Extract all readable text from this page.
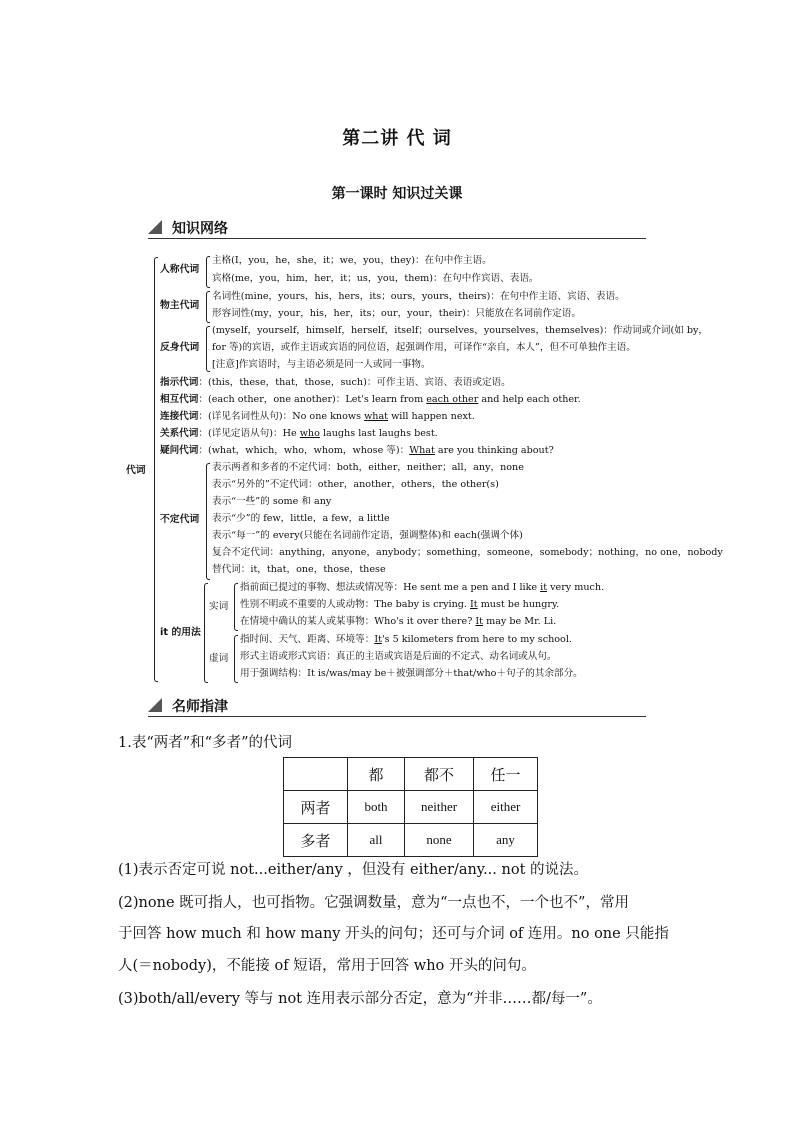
第二讲 代 词
第一课时 知识过关课
知识网络
代词
人称代词
主格(I，you，he，she，it；we，you，they)：在句中作主语。
宾格(me，you，him，her，it；us，you，them)：在句中作宾语、表语。
物主代词
名词性(mine，yours，his，hers，its；ours，yours，theirs)：在句中作主语、宾语、表语。
形容词性(my，your，his，her，its；our，your，their)：只能放在名词前作定语。
反身代词
(myself，yourself，himself，herself，itself；ourselves，yourselves，themselves)：作动词或介词(如 by，
for 等)的宾语，或作主语或宾语的同位语，起强调作用，可译作“亲自，本人”，但不可单独作主语。
[注意]作宾语时，与主语必须是同一人或同一事物。
指示代词：(this，these，that，those，such)：可作主语、宾语、表语或定语。
相互代词：(each other，one another)：Let's learn from each other and help each other.
连接代词：(详见名词性从句)：No one knows what will happen next.
关系代词：(详见定语从句)：He who laughs last laughs best.
疑问代词：(what，which，who，whom，whose 等)：What are you thinking about?
不定代词
表示两者和多者的不定代词：both，either，neither；all，any，none
表示“另外的”不定代词：other，another，others，the other(s)
表示“一些”的 some 和 any
表示“少”的 few，little，a few，a little
表示“每一”的 every(只能在名词前作定语，强调整体)和 each(强调个体)
复合不定代词：anything，anyone，anybody；something，someone，somebody；nothing，no one，nobody
替代词：it，that，one，those，these
it 的用法
实词
指前面已提过的事物、想法或情况等：He sent me a pen and I like it very much.
性别不明或不重要的人或动物：The baby is crying. It must be hungry.
在情境中确认的某人或某事物：Who's it over there? It may be Mr. Li.
虚词
指时间、天气、距离、环境等：It's 5 kilometers from here to my school.
形式主语或形式宾语：真正的主语或宾语是后面的不定式、动名词或从句。
用于强调结构：It is/was/may be＋被强调部分＋that/who＋句子的其余部分。
名师指津
1.表“两者”和“多者”的代词
	都	都不	任一
两者	both	neither	either
多者	all	none	any
(1)表示否定可说 not...either/any ，但没有 either/any... not 的说法。
(2)none 既可指人，也可指物。它强调数量，意为“一点也不，一个也不”，常用
于回答 how much 和 how many 开头的问句；还可与介词 of 连用。no one 只能指
人(＝nobody)，不能接 of 短语，常用于回答 who 开头的问句。
(3)both/all/every 等与 not 连用表示部分否定，意为“并非……都/每一”。
